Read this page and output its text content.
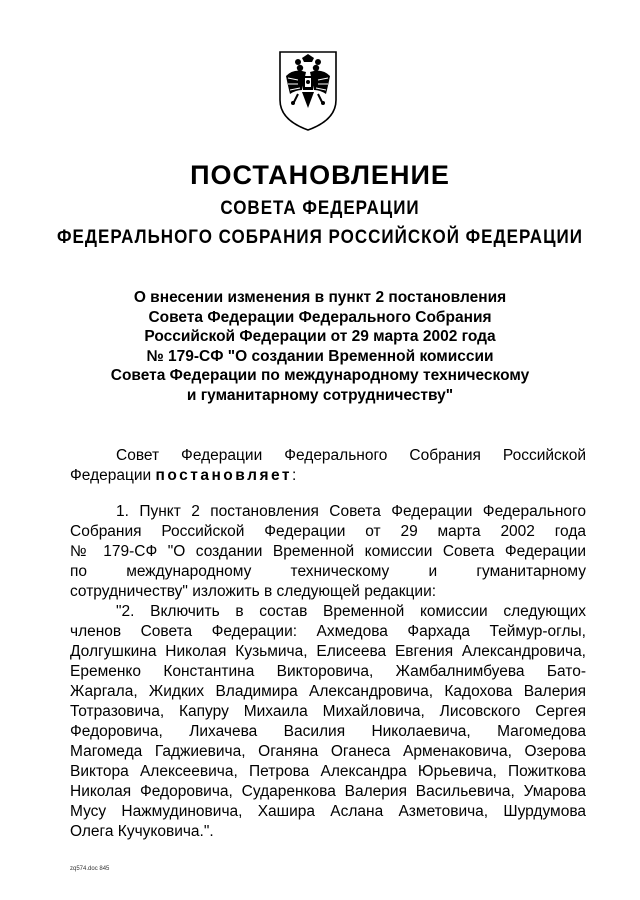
ПОСТАНОВЛЕНИЕ
СОВЕТА ФЕДЕРАЦИИ
ФЕДЕРАЛЬНОГО СОБРАНИЯ РОССИЙСКОЙ ФЕДЕРАЦИИ
О внесении изменения в пункт 2 постановления
Совета Федерации Федерального Собрания
Российской Федерации от 29 марта 2002 года
№ 179-СФ "О создании Временной комиссии
Совета Федерации по международному техническому
и гуманитарному сотрудничеству"
Совет Федерации Федерального Собрания Российской
Федерации постановляет:
1. Пункт 2 постановления Совета Федерации Федерального
Собрания Российской Федерации от 29 марта 2002 года
№ 179-СФ "О создании Временной комиссии Совета Федерации
по международному техническому и гуманитарному
сотрудничеству" изложить в следующей редакции:
"2. Включить в состав Временной комиссии следующих
членов Совета Федерации: Ахмедова Фархада Теймур-оглы,
Долгушкина Николая Кузьмича, Елисеева Евгения Александровича,
Еременко Константина Викторовича, Жамбалнимбуева Бато-
Жаргала, Жидких Владимира Александровича, Кадохова Валерия
Тотразовича, Капуру Михаила Михайловича, Лисовского Сергея
Федоровича, Лихачева Василия Николаевича, Магомедова
Магомеда Гаджиевича, Оганяна Оганеса Арменаковича, Озерова
Виктора Алексеевича, Петрова Александра Юрьевича, Пожиткова
Николая Федоровича, Сударенкова Валерия Васильевича, Умарова
Мусу Нажмудиновича, Хашира Аслана Азметовича, Шурдумова
Олега Кучуковича.".
zq574.doc 845
